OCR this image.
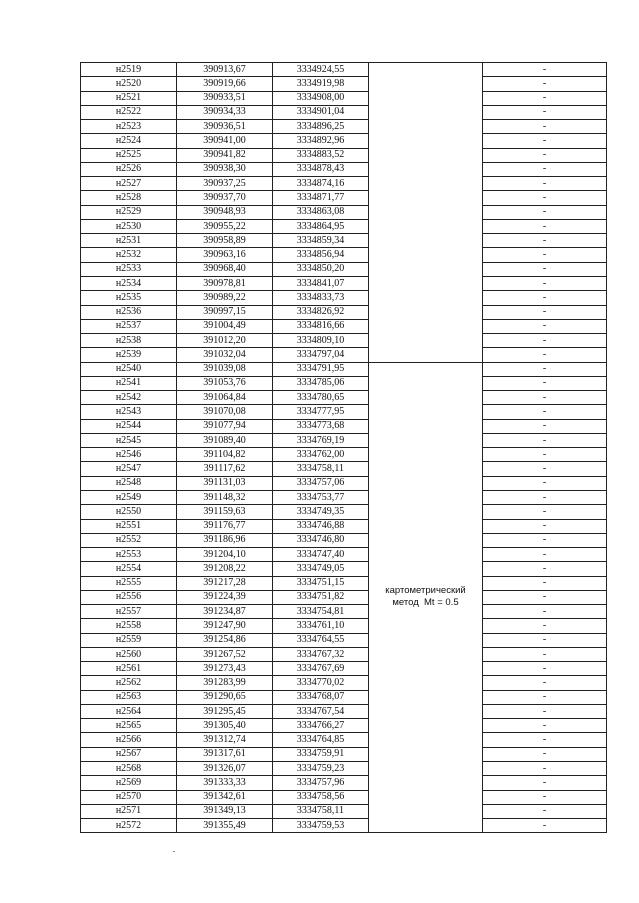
н2519	390913,67	3334924,55		-
н2520	390919,66	3334919,98		-
н2521	390933,51	3334908,00		-
н2522	390934,33	3334901,04		-
н2523	390936,51	3334896,25		-
н2524	390941,00	3334892,96		-
н2525	390941,82	3334883,52		-
н2526	390938,30	3334878,43		-
н2527	390937,25	3334874,16		-
н2528	390937,70	3334871,77		-
н2529	390948,93	3334863,08		-
н2530	390955,22	3334864,95		-
н2531	390958,89	3334859,34		-
н2532	390963,16	3334856,94		-
н2533	390968,40	3334850,20		-
н2534	390978,81	3334841,07		-
н2535	390989,22	3334833,73		-
н2536	390997,15	3334826,92		-
н2537	391004,49	3334816,66		-
н2538	391012,20	3334809,10		-
н2539	391032,04	3334797,04		-
н2540	391039,08	3334791,95	картометрический
метод  Mt = 0.5	-
н2541	391053,76	3334785,06		-
н2542	391064,84	3334780,65		-
н2543	391070,08	3334777,95		-
н2544	391077,94	3334773,68		-
н2545	391089,40	3334769,19		-
н2546	391104,82	3334762,00		-
н2547	391117,62	3334758,11		-
н2548	391131,03	3334757,06		-
н2549	391148,32	3334753,77		-
н2550	391159,63	3334749,35		-
н2551	391176,77	3334746,88		-
н2552	391186,96	3334746,80		-
н2553	391204,10	3334747,40		-
н2554	391208,22	3334749,05		-
н2555	391217,28	3334751,15		-
н2556	391224,39	3334751,82		-
н2557	391234,87	3334754,81		-
н2558	391247,90	3334761,10		-
н2559	391254,86	3334764,55		-
н2560	391267,52	3334767,32		-
н2561	391273,43	3334767,69		-
н2562	391283,99	3334770,02		-
н2563	391290,65	3334768,07		-
н2564	391295,45	3334767,54		-
н2565	391305,40	3334766,27		-
н2566	391312,74	3334764,85		-
н2567	391317,61	3334759,91		-
н2568	391326,07	3334759,23		-
н2569	391333,33	3334757,96		-
н2570	391342,61	3334758,56		-
н2571	391349,13	3334758,11		-
н2572	391355,49	3334759,53		-
